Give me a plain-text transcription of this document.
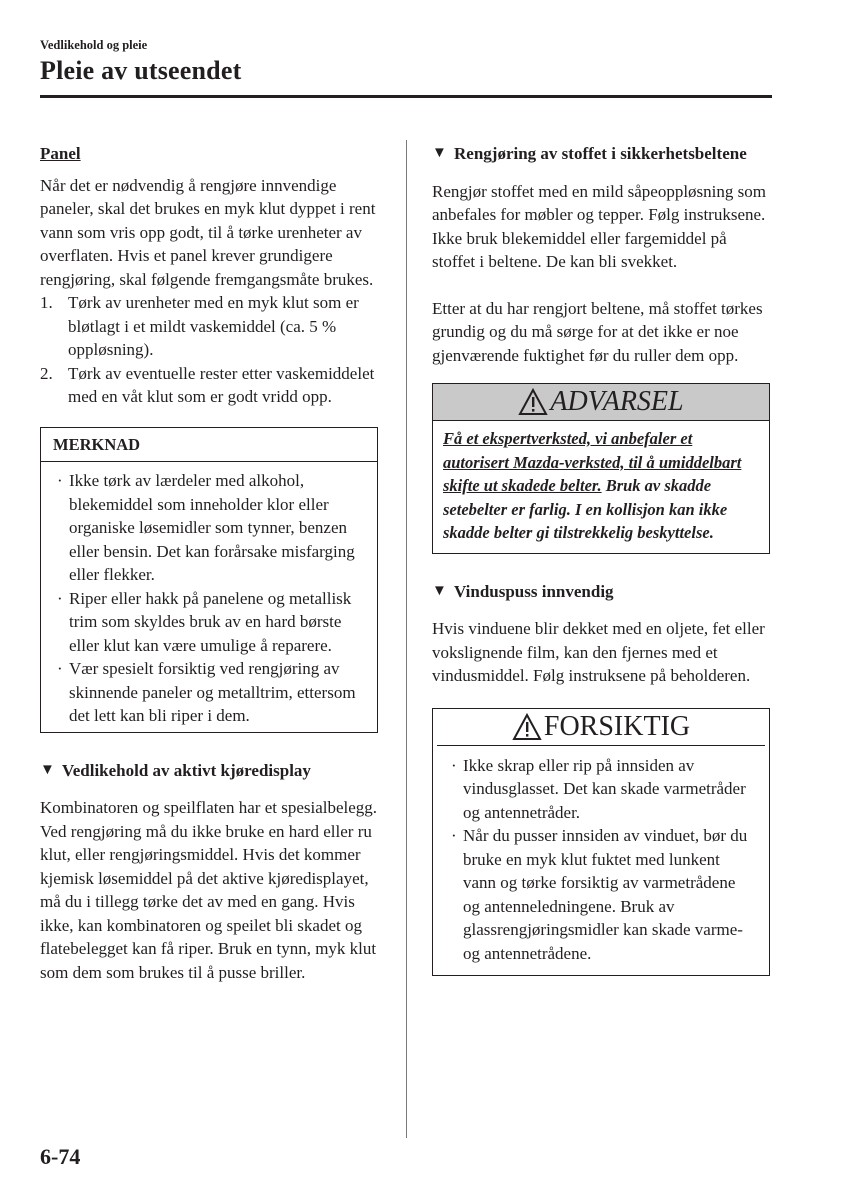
Vedlikehold og pleie
Pleie av utseendet

Panel

Når det er nødvendig å rengjøre innvendige paneler, skal det brukes en myk klut dyppet i rent vann som vris opp godt, til å tørke urenheter av overflaten. Hvis et panel krever grundigere rengjøring, skal følgende fremgangsmåte brukes.

1. Tørk av urenheter med en myk klut som er bløtlagt i et mildt vaskemiddel (ca. 5 % oppløsning).
2. Tørk av eventuelle rester etter vaskemiddelet med en våt klut som er godt vridd opp.
MERKNAD
· Ikke tørk av lærdeler med alkohol, blekemiddel som inneholder klor eller organiske løsemidler som tynner, benzen eller bensin. Det kan forårsake misfarging eller flekker.
· Riper eller hakk på panelene og metallisk trim som skyldes bruk av en hard børste eller klut kan være umulige å reparere.
· Vær spesielt forsiktig ved rengjøring av skinnende paneler og metalltrim, ettersom det lett kan bli riper i dem.

▼ Vedlikehold av aktivt kjøredisplay

Kombinatoren og speilflaten har et spesialbelegg. Ved rengjøring må du ikke bruke en hard eller ru klut, eller rengjøringsmiddel. Hvis det kommer kjemisk løsemiddel på det aktive kjøredisplayet, må du i tillegg tørke det av med en gang. Hvis ikke, kan kombinatoren og speilet bli skadet og flatebelegget kan få riper. Bruk en tynn, myk klut som dem som brukes til å pusse briller.

▼ Rengjøring av stoffet i sikkerhetsbeltene

Rengjør stoffet med en mild såpeoppløsning som anbefales for møbler og tepper. Følg instruksene. Ikke bruk blekemiddel eller fargemiddel på stoffet i beltene. De kan bli svekket.

Etter at du har rengjort beltene, må stoffet tørkes grundig og du må sørge for at det ikke er noe gjenværende fuktighet før du ruller dem opp.

ADVARSEL
Få et ekspertverksted, vi anbefaler et autorisert Mazda-verksted, til å umiddelbart skifte ut skadede belter. Bruk av skadde setebelter er farlig. I en kollisjon kan ikke skadde belter gi tilstrekkelig beskyttelse.

▼ Vinduspuss innvendig

Hvis vinduene blir dekket med en oljete, fet eller vokslignende film, kan den fjernes med et vindusmiddel. Følg instruksene på beholderen.

FORSIKTIG
· Ikke skrap eller rip på innsiden av vindusglasset. Det kan skade varmetråder og antennetråder.
· Når du pusser innsiden av vinduet, bør du bruke en myk klut fuktet med lunkent vann og tørke forsiktig av varmetrådene og antenneledningene. Bruk av glassrengjøringsmidler kan skade varme- og antennetrådene.
6-74
